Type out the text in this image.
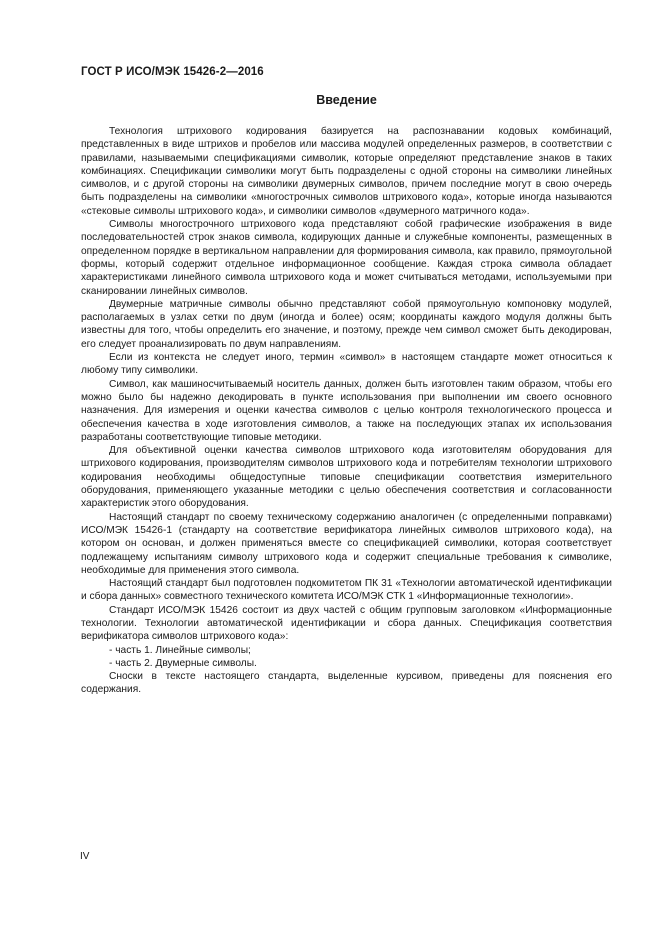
ГОСТ Р ИСО/МЭК 15426-2—2016
Введение

Технология штрихового кодирования базируется на распознавании кодовых комбинаций, представленных в виде штрихов и пробелов или массива модулей определенных размеров, в соответствии с правилами, называемыми спецификациями символик, которые определяют представление знаков в таких комбинациях. Спецификации символики могут быть подразделены с одной стороны на символики линейных символов, и с другой стороны на символики двумерных символов, причем последние могут в свою очередь быть подразделены на символики «многострочных символов штрихового кода», которые иногда называются «стековые символы штрихового кода», и символики символов «двумерного матричного кода».

Символы многострочного штрихового кода представляют собой графические изображения в виде последовательностей строк знаков символа, кодирующих данные и служебные компоненты, размещенных в определенном порядке в вертикальном направлении для формирования символа, как правило, прямоугольной формы, который содержит отдельное информационное сообщение. Каждая строка символа обладает характеристиками линейного символа штрихового кода и может считываться методами, используемыми при сканировании линейных символов.

Двумерные матричные символы обычно представляют собой прямоугольную компоновку модулей, располагаемых в узлах сетки по двум (иногда и более) осям; координаты каждого модуля должны быть известны для того, чтобы определить его значение, и поэтому, прежде чем символ сможет быть декодирован, его следует проанализировать по двум направлениям.

Если из контекста не следует иного, термин «символ» в настоящем стандарте может относиться к любому типу символики.

Символ, как машиносчитываемый носитель данных, должен быть изготовлен таким образом, чтобы его можно было бы надежно декодировать в пункте использования при выполнении им своего основного назначения. Для измерения и оценки качества символов с целью контроля технологического процесса и обеспечения качества в ходе изготовления символов, а также на последующих этапах их использования разработаны соответствующие типовые методики.

Для объективной оценки качества символов штрихового кода изготовителям оборудования для штрихового кодирования, производителям символов штрихового кода и потребителям технологии штрихового кодирования необходимы общедоступные типовые спецификации соответствия измерительного оборудования, применяющего указанные методики с целью обеспечения соответствия и согласованности характеристик этого оборудования.

Настоящий стандарт по своему техническому содержанию аналогичен (с определенными поправками) ИСО/МЭК 15426-1 (стандарту на соответствие верификатора линейных символов штрихового кода), на котором он основан, и должен применяться вместе со спецификацией символики, которая соответствует подлежащему испытаниям символу штрихового кода и содержит специальные требования к символике, необходимые для применения этого символа.

Настоящий стандарт был подготовлен подкомитетом ПК 31 «Технологии автоматической идентификации и сбора данных» совместного технического комитета ИСО/МЭК СТК 1 «Информационные технологии».

Стандарт ИСО/МЭК 15426 состоит из двух частей с общим групповым заголовком «Информационные технологии. Технологии автоматической идентификации и сбора данных. Спецификация соответствия верификатора символов штрихового кода»:

- часть 1. Линейные символы;

- часть 2. Двумерные символы.

Сноски в тексте настоящего стандарта, выделенные курсивом, приведены для пояснения его содержания.

IV
